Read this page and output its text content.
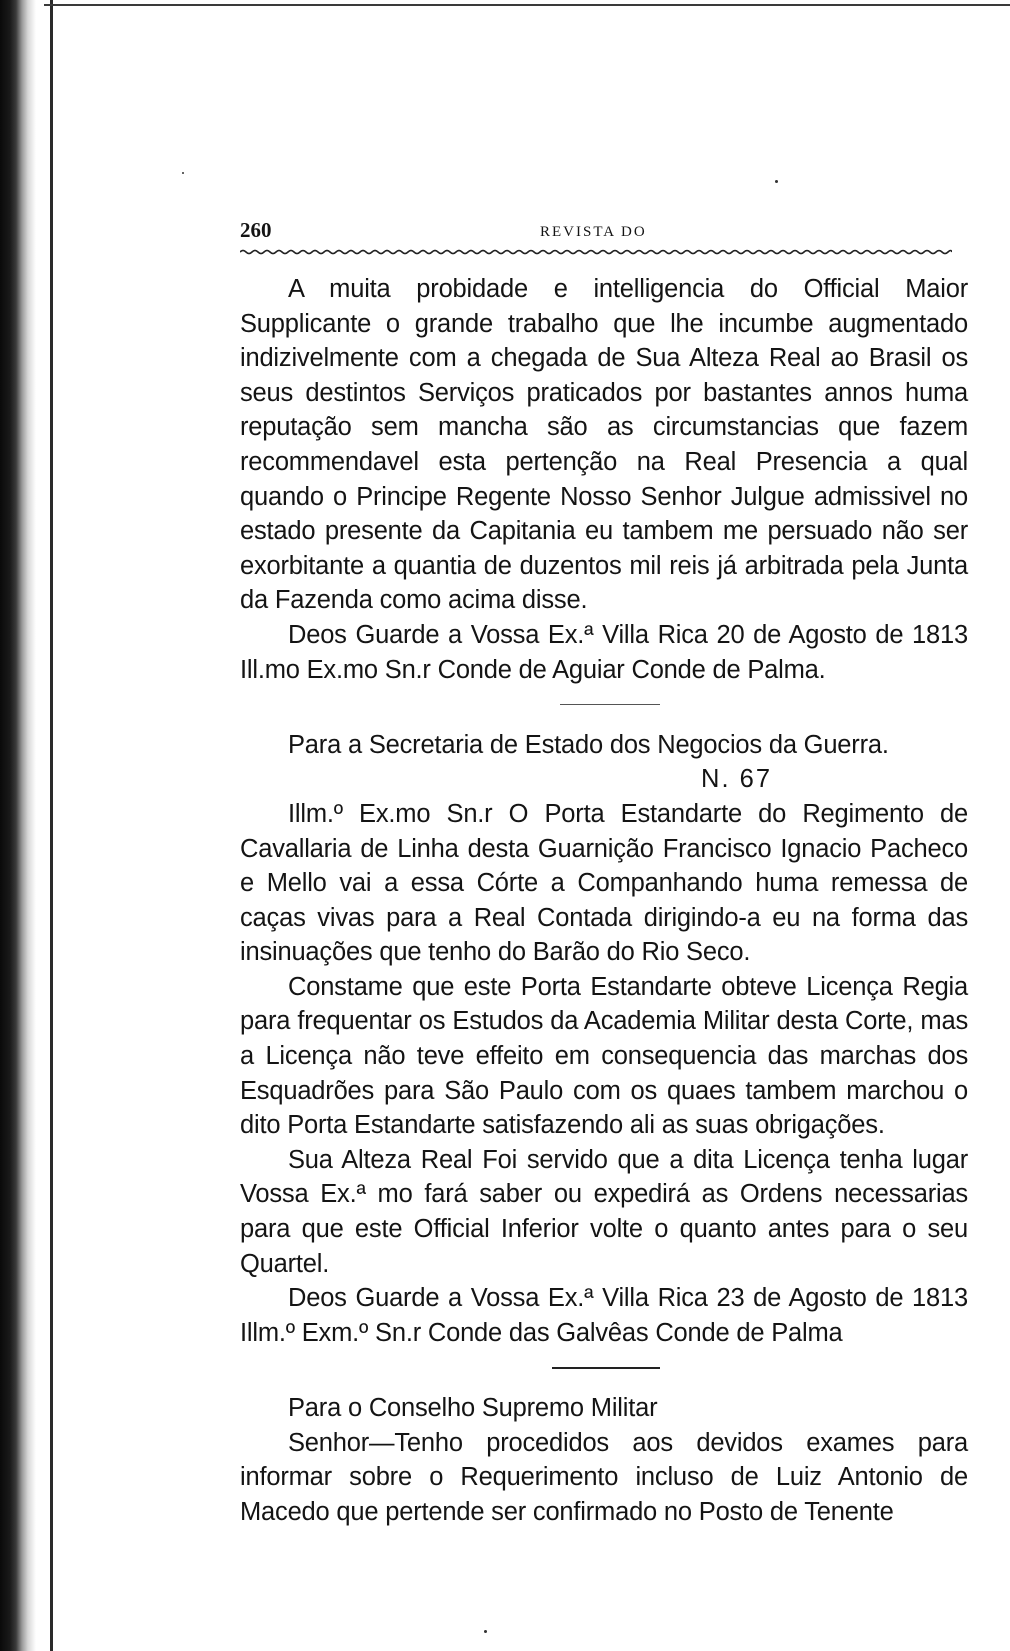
260	REVISTA DO

A muita probidade e intelligencia do Official Maior Supplicante o grande trabalho que lhe incumbe augmentado indizivelmente com a chegada de Sua Alteza Real ao Brasil os seus destintos Serviços praticados por bastantes annos huma reputação sem mancha são as circumstancias que fazem recommendavel esta pertenção na Real Presencia a qual quando o Principe Regente Nosso Senhor Julgue admissivel no estado presente da Capitania eu tambem me persuado não ser exorbitante a quantia de duzentos mil reis já arbitrada pela Junta da Fazenda como acima disse.

Deos Guarde a Vossa Ex.ª Villa Rica 20 de Agosto de 1813 Ill.mo Ex.mo Sn.r Conde de Aguiar Conde de Palma.

Para a Secretaria de Estado dos Negocios da Guerra.

N. 67

Illm.º Ex.mo Sn.r O Porta Estandarte do Regimento de Cavallaria de Linha desta Guarnição Francisco Ignacio Pacheco e Mello vai a essa Córte a Companhando huma remessa de caças vivas para a Real Contada dirigindo-a eu na forma das insinuações que tenho do Barão do Rio Seco.

Constame que este Porta Estandarte obteve Licença Regia para frequentar os Estudos da Academia Militar desta Corte, mas a Licença não teve effeito em consequencia das marchas dos Esquadrões para São Paulo com os quaes tambem marchou o dito Porta Estandarte satisfazendo ali as suas obrigações.

Sua Alteza Real Foi servido que a dita Licença tenha lugar Vossa Ex.ª mo fará saber ou expedirá as Ordens necessarias para que este Official Inferior volte o quanto antes para o seu Quartel.

Deos Guarde a Vossa Ex.ª Villa Rica 23 de Agosto de 1813 Illm.º Exm.º Sn.r Conde das Galvêas Conde de Palma

Para o Conselho Supremo Militar

Senhor—Tenho procedidos aos devidos exames para informar sobre o Requerimento incluso de Luiz Antonio de Macedo que pertende ser confirmado no Posto de Tenente
